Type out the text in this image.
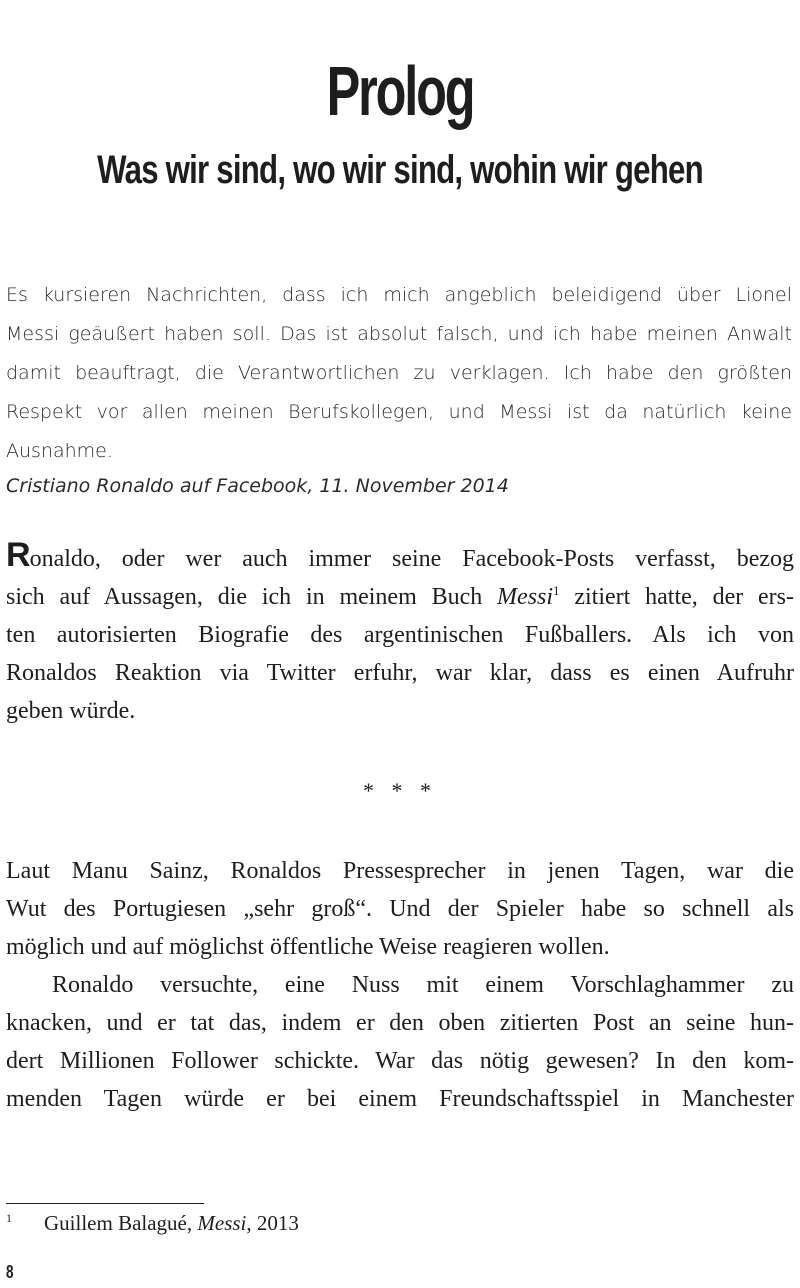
Prolog
Was wir sind, wo wir sind, wohin wir gehen
Es kursieren Nachrichten, dass ich mich angeblich beleidigend über Lionel
Messi geäußert haben soll. Das ist absolut falsch, und ich habe meinen Anwalt
damit beauftragt, die Verantwortlichen zu verklagen. Ich habe den größten
Respekt vor allen meinen Berufskollegen, und Messi ist da natürlich keine
Ausnahme.
Cristiano Ronaldo auf Facebook, 11. November 2014
Ronaldo, oder wer auch immer seine Facebook-Posts verfasst, bezog
sich auf Aussagen, die ich in meinem Buch Messi$^1$ zitiert hatte, der ers-
ten autorisierten Biografie des argentinischen Fußballers. Als ich von
Ronaldos Reaktion via Twitter erfuhr, war klar, dass es einen Aufruhr
geben würde.
* * *
Laut Manu Sainz, Ronaldos Pressesprecher in jenen Tagen, war die
Wut des Portugiesen „sehr groß“. Und der Spieler habe so schnell als
möglich und auf möglichst öffentliche Weise reagieren wollen.
Ronaldo versuchte, eine Nuss mit einem Vorschlaghammer zu
knacken, und er tat das, indem er den oben zitierten Post an seine hun-
dert Millionen Follower schickte. War das nötig gewesen? In den kom-
menden Tagen würde er bei einem Freundschaftsspiel in Manchester
1 Guillem Balagué, Messi, 2013
8
